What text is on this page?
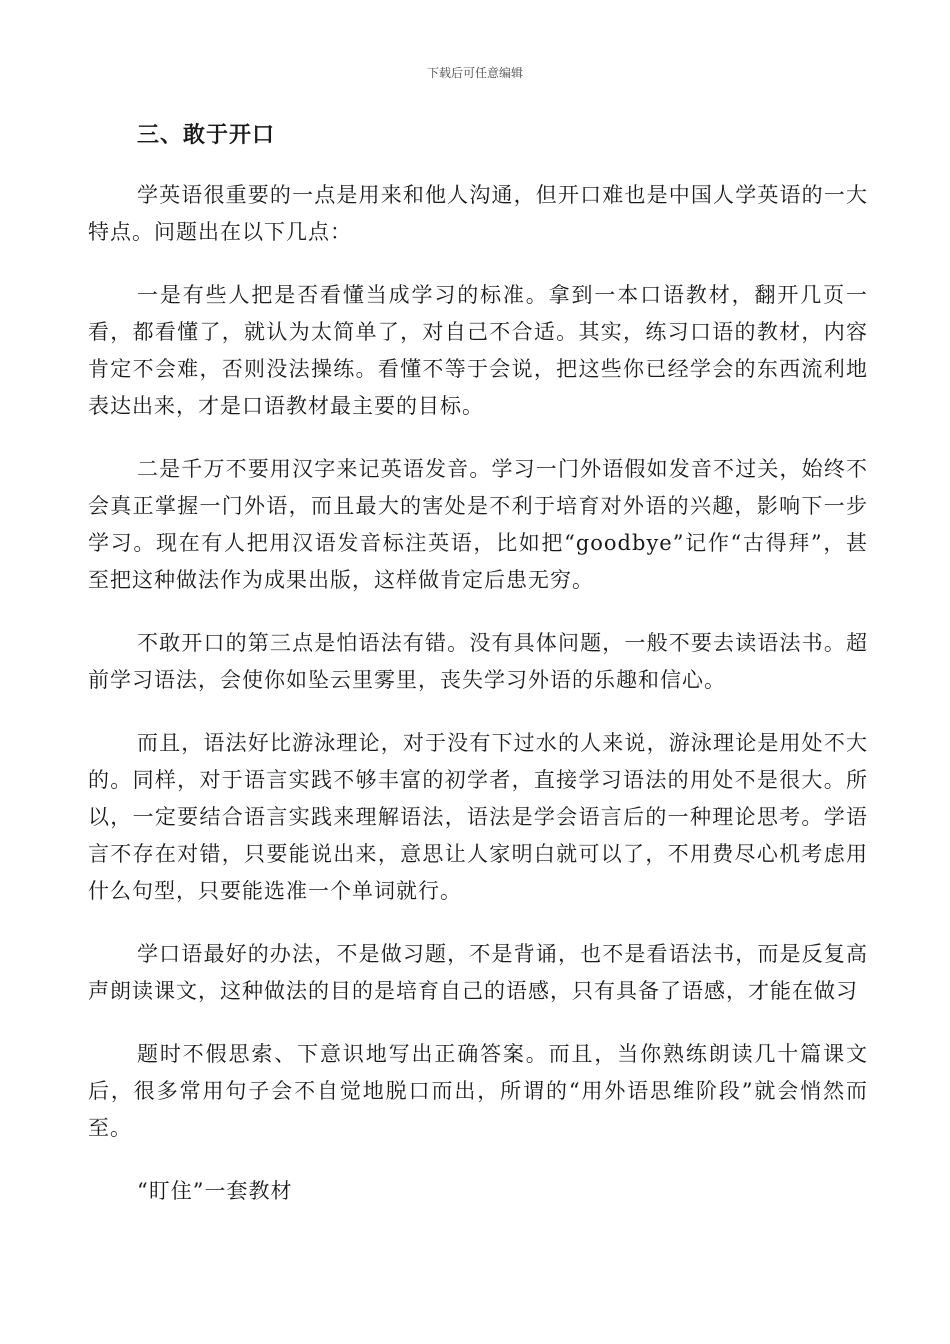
下载后可任意编辑
三、敢于开口

学英语很重要的一点是用来和他人沟通，但开口难也是中国人学英语的一大特点。问题出在以下几点：

一是有些人把是否看懂当成学习的标准。拿到一本口语教材，翻开几页一看，都看懂了，就认为太简单了，对自己不合适。其实，练习口语的教材，内容肯定不会难，否则没法操练。看懂不等于会说，把这些你已经学会的东西流利地表达出来，才是口语教材最主要的目标。

二是千万不要用汉字来记英语发音。学习一门外语假如发音不过关，始终不会真正掌握一门外语，而且最大的害处是不利于培育对外语的兴趣，影响下一步学习。现在有人把用汉语发音标注英语，比如把“goodbye”记作“古得拜”，甚至把这种做法作为成果出版，这样做肯定后患无穷。

不敢开口的第三点是怕语法有错。没有具体问题，一般不要去读语法书。超前学习语法，会使你如坠云里雾里，丧失学习外语的乐趣和信心。

而且，语法好比游泳理论，对于没有下过水的人来说，游泳理论是用处不大的。同样，对于语言实践不够丰富的初学者，直接学习语法的用处不是很大。所以，一定要结合语言实践来理解语法，语法是学会语言后的一种理论思考。学语言不存在对错，只要能说出来，意思让人家明白就可以了，不用费尽心机考虑用什么句型，只要能选准一个单词就行。

学口语最好的办法，不是做习题，不是背诵，也不是看语法书，而是反复高声朗读课文，这种做法的目的是培育自己的语感，只有具备了语感，才能在做习

题时不假思索、下意识地写出正确答案。而且，当你熟练朗读几十篇课文后，很多常用句子会不自觉地脱口而出，所谓的“用外语思维阶段”就会悄然而至。

“盯住”一套教材
